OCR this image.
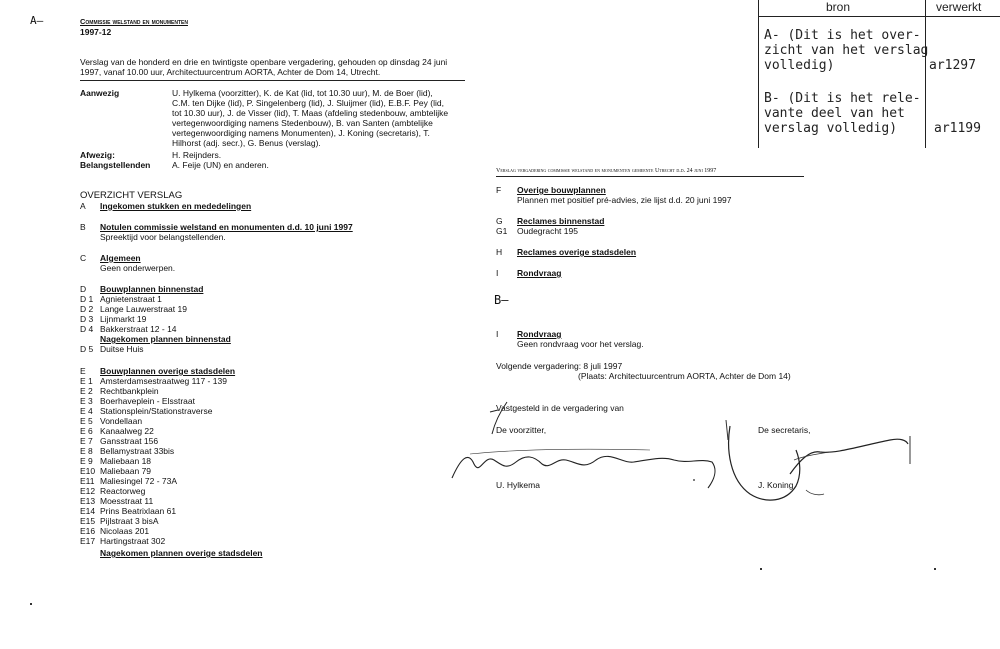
A—	Commissie welstand en monumenten
1997-12
Verslag van de honderd en drie en twintigste openbare vergadering, gehouden op dinsdag 24 juni
1997, vanaf 10.00 uur, Architectuurcentrum AORTA, Achter de Dom 14, Utrecht.
Aanwezig	U. Hylkema (voorzitter), K. de Kat (lid, tot 10.30 uur), M. de Boer (lid),
C.M. ten Dijke (lid), P. Singelenberg (lid), J. Sluijmer (lid), E.B.F. Pey (lid,
tot 10.30 uur), J. de Visser (lid), T. Maas (afdeling stedenbouw, ambtelijke
vertegenwoordiging namens Stedenbouw), B. van Santen (ambtelijke
vertegenwoordiging namens Monumenten), J. Koning (secretaris), T.
Hilhorst (adj. secr.), G. Benus (verslag).
Afwezig:	H. Reijnders.
Belangstellenden	A. Feije (UN) en anderen.
OVERZICHT VERSLAG
A Ingekomen stukken en mededelingen
B Notulen commissie welstand en monumenten d.d. 10 juni 1997
Spreektijd voor belangstellenden.
C Algemeen
Geen onderwerpen.
D Bouwplannen binnenstad
D 1 Agnietenstraat 1
D 2 Lange Lauwerstraat 19
D 3 Lijnmarkt 19
D 4 Bakkerstraat 12 - 14
Nagekomen plannen binnenstad
D 5 Duitse Huis
E Bouwplannen overige stadsdelen
E 1 Amsterdamsestraatweg 117 - 139
E 2 Rechtbankplein
E 3 Boerhaveplein - Elsstraat
E 4 Stationsplein/Stationstraverse
E 5 Vondellaan
E 6 Kanaalweg 22
E 7 Gansstraat 156
E 8 Bellamystraat 33bis
E 9 Maliebaan 18
E10 Maliebaan 79
E11 Maliesingel 72 - 73A
E12 Reactorweg
E13 Moesstraat 11
E14 Prins Beatrixlaan 61
E15 Pijlstraat 3 bisA
E16 Nicolaas 201
E17 Hartingstraat 302
Nagekomen plannen overige stadsdelen
bron	verwerkt
A- (Dit is het over-
zicht van het verslag
volledig)	ar1297
B- (Dit is het rele-
vante deel van het
verslag volledig)	ar1199
Verslag vergadering commissie welstand en monumenten gemeente Utrecht d.d. 24 juni 1997
F Overige bouwplannen
Plannen met positief pré-advies, zie lijst d.d. 20 juni 1997
G Reclames binnenstad
G1 Oudegracht 195
H Reclames overige stadsdelen
I Rondvraag
B—
I Rondvraag
Geen rondvraag voor het verslag.
Volgende vergadering: 8 juli 1997
(Plaats: Architectuurcentrum AORTA, Achter de Dom 14)
Vastgesteld in de vergadering van
De voorzitter,	De secretaris,
U. Hylkema	J. Koning
